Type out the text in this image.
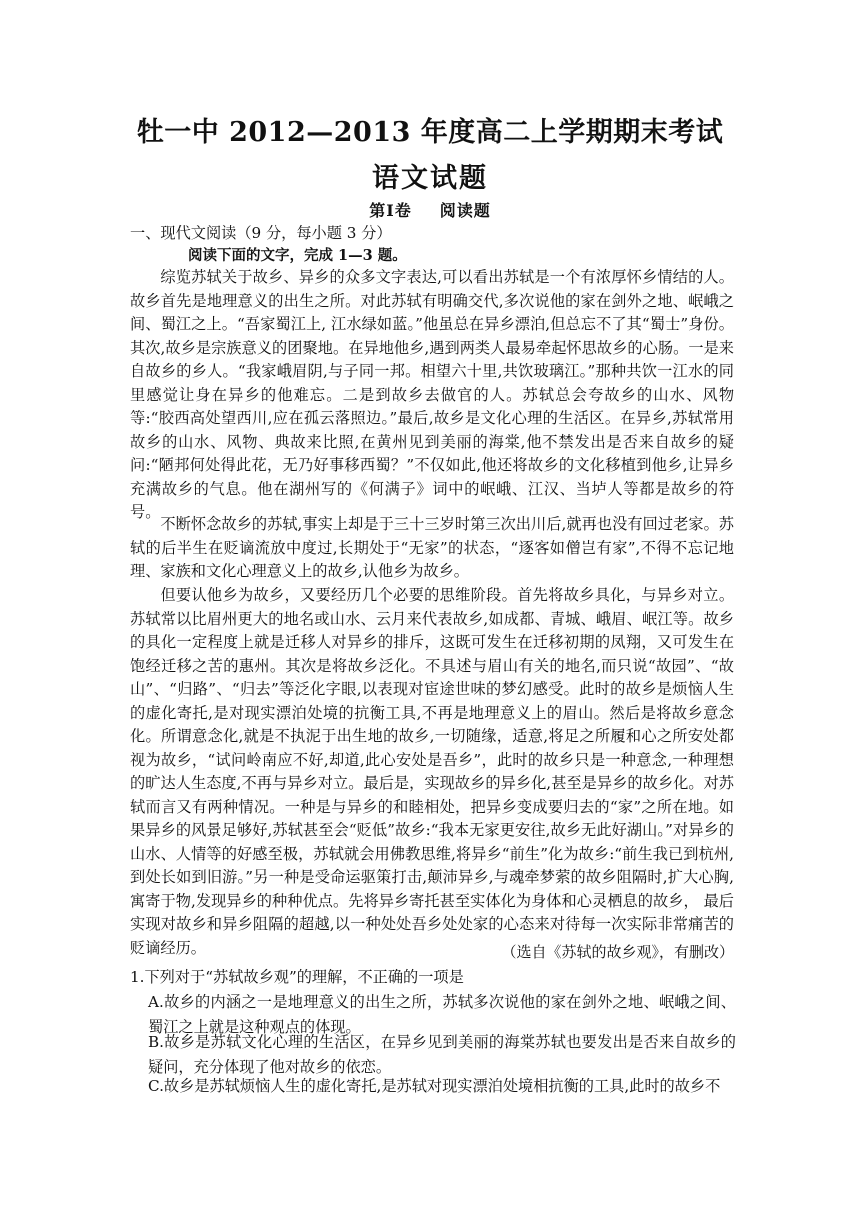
牡一中 2012—2013 年度高二上学期期末考试
语文试题
第Ⅰ卷 阅读题
一、现代文阅读（9 分，每小题 3 分）
阅读下面的文字，完成 1—3 题。

综览苏轼关于故乡、异乡的众多文字表达,可以看出苏轼是一个有浓厚怀乡情结的人。故乡首先是地理意义的出生之所。对此苏轼有明确交代,多次说他的家在剑外之地、岷峨之间、蜀江之上。“吾家蜀江上, 江水绿如蓝。”他虽总在异乡漂泊,但总忘不了其“蜀士”身份。其次,故乡是宗族意义的团聚地。在异地他乡,遇到两类人最易牵起怀思故乡的心肠。一是来自故乡的乡人。“我家峨眉阴,与子同一邦。相望六十里,共饮玻璃江。”那种共饮一江水的同里感觉让身在异乡的他难忘。二是到故乡去做官的人。苏轼总会夸故乡的山水、风物等:“胶西高处望西川,应在孤云落照边。”最后,故乡是文化心理的生活区。在异乡,苏轼常用故乡的山水、风物、典故来比照,在黄州见到美丽的海棠,他不禁发出是否来自故乡的疑问:“陋邦何处得此花，无乃好事移西蜀？”不仅如此,他还将故乡的文化移植到他乡,让异乡充满故乡的气息。他在湖州写的《何满子》词中的岷峨、江汉、当垆人等都是故乡的符号。

不断怀念故乡的苏轼,事实上却是于三十三岁时第三次出川后,就再也没有回过老家。苏轼的后半生在贬谪流放中度过,长期处于“无家”的状态，“逐客如僧岂有家”,不得不忘记地理、家族和文化心理意义上的故乡,认他乡为故乡。

但要认他乡为故乡，又要经历几个必要的思维阶段。首先将故乡具化，与异乡对立。苏轼常以比眉州更大的地名或山水、云月来代表故乡,如成都、青城、峨眉、岷江等。故乡的具化一定程度上就是迁移人对异乡的排斥，这既可发生在迁移初期的凤翔，又可发生在饱经迁移之苦的惠州。其次是将故乡泛化。不具述与眉山有关的地名,而只说“故园”、“故山”、“归路”、“归去”等泛化字眼,以表现对宦途世味的梦幻感受。此时的故乡是烦恼人生的虚化寄托,是对现实漂泊处境的抗衡工具,不再是地理意义上的眉山。然后是将故乡意念化。所谓意念化,就是不执泥于出生地的故乡,一切随缘，适意,将足之所履和心之所安处都视为故乡，“试问岭南应不好,却道,此心安处是吾乡”，此时的故乡只是一种意念,一种理想的旷达人生态度,不再与异乡对立。最后是，实现故乡的异乡化,甚至是异乡的故乡化。对苏轼而言又有两种情况。一种是与异乡的和睦相处，把异乡变成要归去的“家”之所在地。如果异乡的风景足够好,苏轼甚至会“贬低”故乡:“我本无家更安往,故乡无此好湖山。”对异乡的山水、人情等的好感至极，苏轼就会用佛教思维,将异乡“前生”化为故乡:“前生我已到杭州,到处长如到旧游。”另一种是受命运驱策打击,颠沛异乡,与魂牵梦萦的故乡阻隔时,扩大心胸,寓寄于物,发现异乡的种种优点。先将异乡寄托甚至实体化为身体和心灵栖息的故乡， 最后实现对故乡和异乡阻隔的超越,以一种处处吾乡处处家的心态来对待每一次实际非常痛苦的贬谪经历。	（选自《苏轼的故乡观》，有删改）
1.下列对于“苏轼故乡观”的理解，不正确的一项是

A.故乡的内涵之一是地理意义的出生之所，苏轼多次说他的家在剑外之地、岷峨之间、蜀江之上就是这种观点的体现。

B.故乡是苏轼文化心理的生活区，在异乡见到美丽的海棠苏轼也要发出是否来自故乡的疑问，充分体现了他对故乡的依恋。

C.故乡是苏轼烦恼人生的虚化寄托,是苏轼对现实漂泊处境相抗衡的工具,此时的故乡不
